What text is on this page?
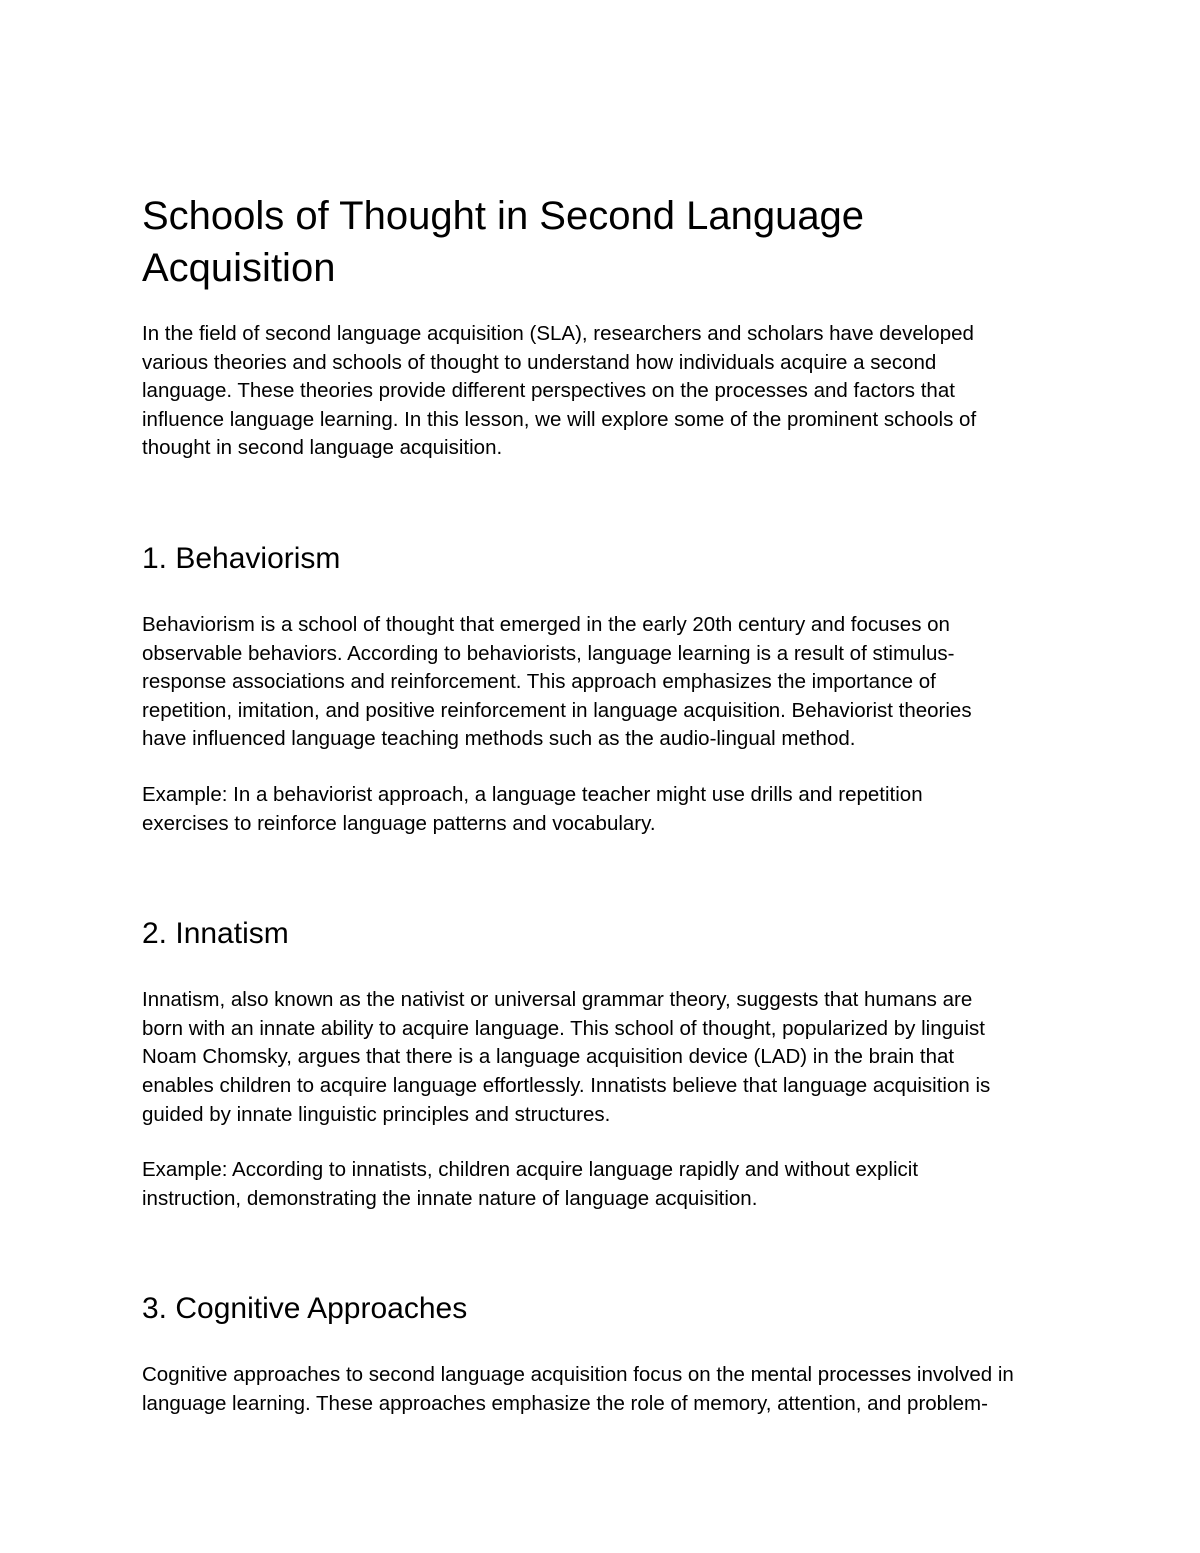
Schools of Thought in Second Language
Acquisition

In the field of second language acquisition (SLA), researchers and scholars have developed
various theories and schools of thought to understand how individuals acquire a second
language. These theories provide different perspectives on the processes and factors that
influence language learning. In this lesson, we will explore some of the prominent schools of
thought in second language acquisition.

1. Behaviorism

Behaviorism is a school of thought that emerged in the early 20th century and focuses on
observable behaviors. According to behaviorists, language learning is a result of stimulus-
response associations and reinforcement. This approach emphasizes the importance of
repetition, imitation, and positive reinforcement in language acquisition. Behaviorist theories
have influenced language teaching methods such as the audio-lingual method.

Example: In a behaviorist approach, a language teacher might use drills and repetition
exercises to reinforce language patterns and vocabulary.

2. Innatism

Innatism, also known as the nativist or universal grammar theory, suggests that humans are
born with an innate ability to acquire language. This school of thought, popularized by linguist
Noam Chomsky, argues that there is a language acquisition device (LAD) in the brain that
enables children to acquire language effortlessly. Innatists believe that language acquisition is
guided by innate linguistic principles and structures.

Example: According to innatists, children acquire language rapidly and without explicit
instruction, demonstrating the innate nature of language acquisition.

3. Cognitive Approaches

Cognitive approaches to second language acquisition focus on the mental processes involved in
language learning. These approaches emphasize the role of memory, attention, and problem-
